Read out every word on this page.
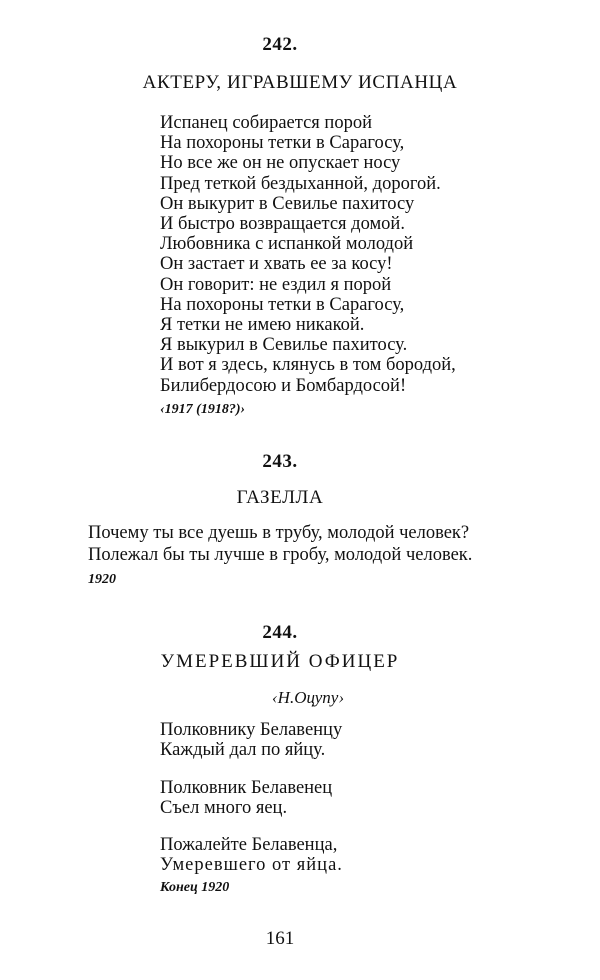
242.
АКТЕРУ, ИГРАВШЕМУ ИСПАНЦА
Испанец собирается порой
На похороны тетки в Сарагосу,
Но все же он не опускает носу
Пред теткой бездыханной, дорогой.
Он выкурит в Севилье пахитосу
И быстро возвращается домой.
Любовника с испанкой молодой
Он застает и хвать ее за косу!
Он говорит: не ездил я порой
На похороны тетки в Сарагосу,
Я тетки не имею никакой.
Я выкурил в Севилье пахитосу.
И вот я здесь, клянусь в том бородой,
Билибердосою и Бомбардосой!
‹1917 (1918?)›
243.
ГАЗЕЛЛА
Почему ты все дуешь в трубу, молодой человек?
Полежал бы ты лучше в гробу, молодой человек.
1920
244.
УМЕРЕВШИЙ ОФИЦЕР
‹Н.Оцупу›
Полковнику Белавенцу
Каждый дал по яйцу.
Полковник Белавенец
Съел много яец.
Пожалейте Белавенца,
Умеревшего от яйца.
Конец 1920
161
